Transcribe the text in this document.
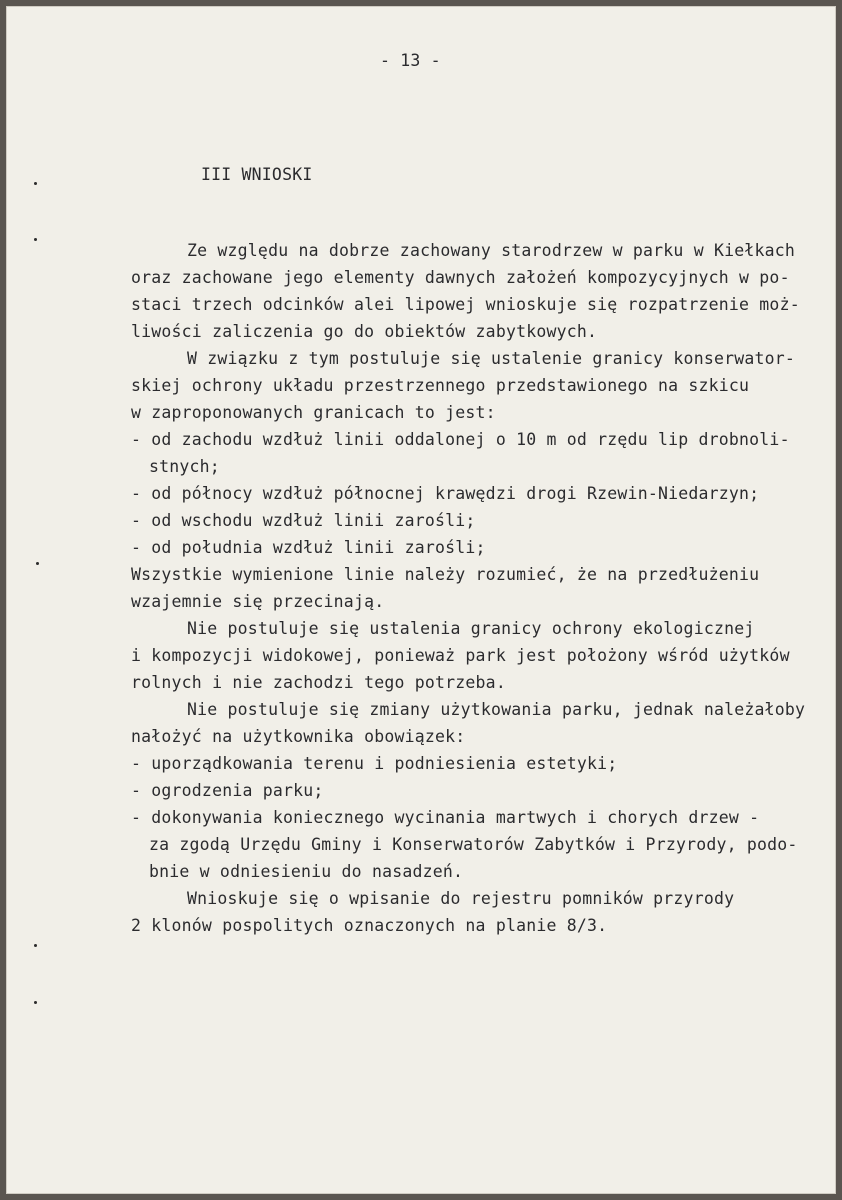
- 13 -
III WNIOSKI
Ze względu na dobrze zachowany starodrzew w parku w Kiełkach
oraz zachowane jego elementy dawnych założeń kompozycyjnych w po-
staci trzech odcinków alei lipowej wnioskuje się rozpatrzenie moż-
liwości zaliczenia go do obiektów zabytkowych.
W związku z tym postuluje się ustalenie granicy konserwator-
skiej ochrony układu przestrzennego przedstawionego na szkicu
w zaproponowanych granicach to jest:
- od zachodu wzdłuż linii oddalonej o 10 m od rzędu lip drobnoli-
stnych;
- od północy wzdłuż północnej krawędzi drogi Rzewin-Niedarzyn;
- od wschodu wzdłuż linii zarośli;
- od południa wzdłuż linii zarośli;
Wszystkie wymienione linie należy rozumieć, że na przedłużeniu
wzajemnie się przecinają.
Nie postuluje się ustalenia granicy ochrony ekologicznej
i kompozycji widokowej, ponieważ park jest położony wśród użytków
rolnych i nie zachodzi tego potrzeba.
Nie postuluje się zmiany użytkowania parku, jednak należałoby
nałożyć na użytkownika obowiązek:
- uporządkowania terenu i podniesienia estetyki;
- ogrodzenia parku;
- dokonywania koniecznego wycinania martwych i chorych drzew -
za zgodą Urzędu Gminy i Konserwatorów Zabytków i Przyrody, podo-
bnie w odniesieniu do nasadzeń.
Wnioskuje się o wpisanie do rejestru pomników przyrody
2 klonów pospolitych oznaczonych na planie 8/3.
